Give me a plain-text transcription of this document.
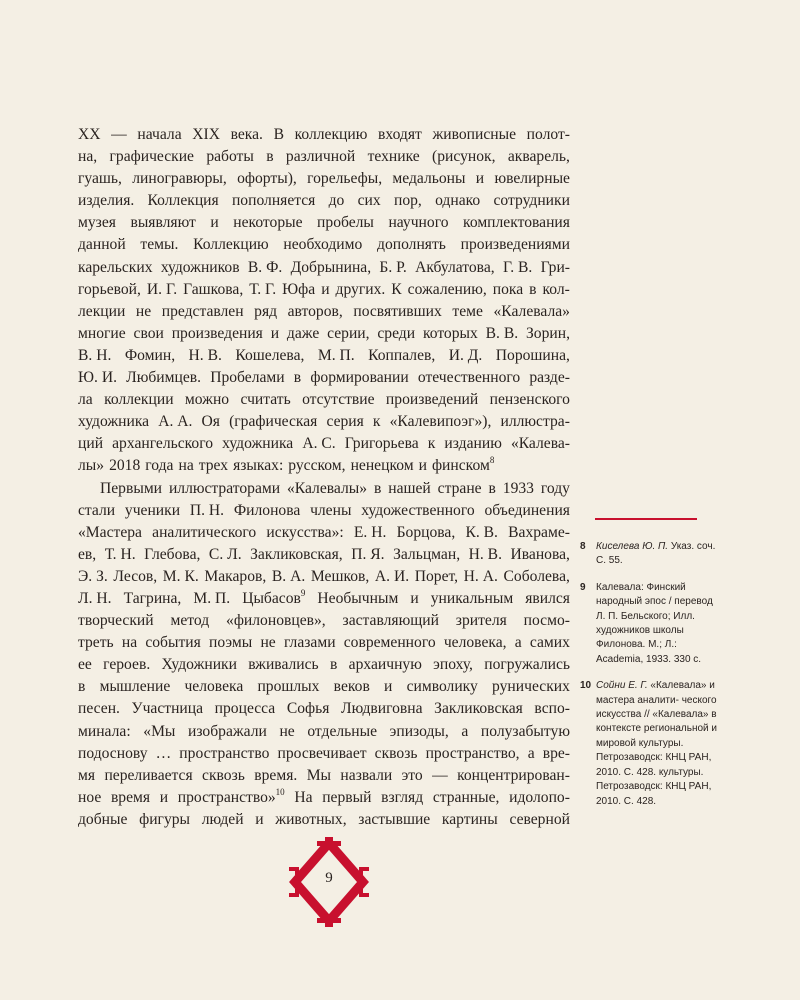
XX — начала XIX века. В коллекцию входят живописные полот-
на, графические работы в различной технике (рисунок, акварель,
гуашь, линогравюры, офорты), горельефы, медальоны и ювелирные
изделия. Коллекция пополняется до сих пор, однако сотрудники
музея выявляют и некоторые пробелы научного комплектования
данной темы. Коллекцию необходимо дополнять произведениями
карельских художников В. Ф. Добрынина, Б. Р. Акбулатова, Г. В. Гри-
горьевой, И. Г. Гашкова, Т. Г. Юфа и других. К сожалению, пока в кол-
лекции не представлен ряд авторов, посвятивших теме «Калевала»
многие свои произведения и даже серии, среди которых В. В. Зорин,
В. Н. Фомин, Н. В. Кошелева, М. П. Коппалев, И. Д. Порошина,
Ю. И. Любимцев. Пробелами в формировании отечественного разде-
ла коллекции можно считать отсутствие произведений пензенского
художника А. А. Оя (графическая серия к «Калевипоэг»), иллюстра-
ций архангельского художника А. С. Григорьева к изданию «Калева-
лы» 2018 года на трех языках: русском, ненецком и финском$^8$
Первыми иллюстраторами «Калевалы» в нашей стране в 1933 году
стали ученики П. Н. Филонова члены художественного объединения
«Мастера аналитического искусства»: Е. Н. Борцова, К. В. Вахраме-
ев, Т. Н. Глебова, С. Л. Закликовская, П. Я. Зальцман, Н. В. Иванова,
Э. З. Лесов, М. К. Макаров, В. А. Мешков, А. И. Порет, Н. А. Соболева,
Л. Н. Тагрина, М. П. Цыбасов$^9$ Необычным и уникальным явился
творческий метод «филоновцев», заставляющий зрителя посмо-
треть на события поэмы не глазами современного человека, а самих
ее героев. Художники вживались в архаичную эпоху, погружались
в мышление человека прошлых веков и символику рунических
песен. Участница процесса Софья Людвиговна Закликовская вспо-
минала: «Мы изображали не отдельные эпизоды, а полузабытую
подоснову … пространство просвечивает сквозь пространство, а вре-
мя переливается сквозь время. Мы назвали это — концентрирован-
ное время и пространство»$^{10}$ На первый взгляд странные, идолопо-
добные фигуры людей и животных, застывшие картины северной
8	Киселева Ю. П. Указ. соч. С. 55.
9	Калевала: Финский народный эпос / перевод Л. П. Бельского; Илл. художников школы Филонова. М.; Л.: Academia, 1933. 330 с.
10 Сойни Е. Г. «Калевала» и мастера аналити- ческого искусства // «Калевала» в контексте региональной и мировой культуры. Петрозаводск: КНЦ РАН, 2010. С. 428. культуры. Петрозаводск: КНЦ РАН, 2010. С. 428.
9
